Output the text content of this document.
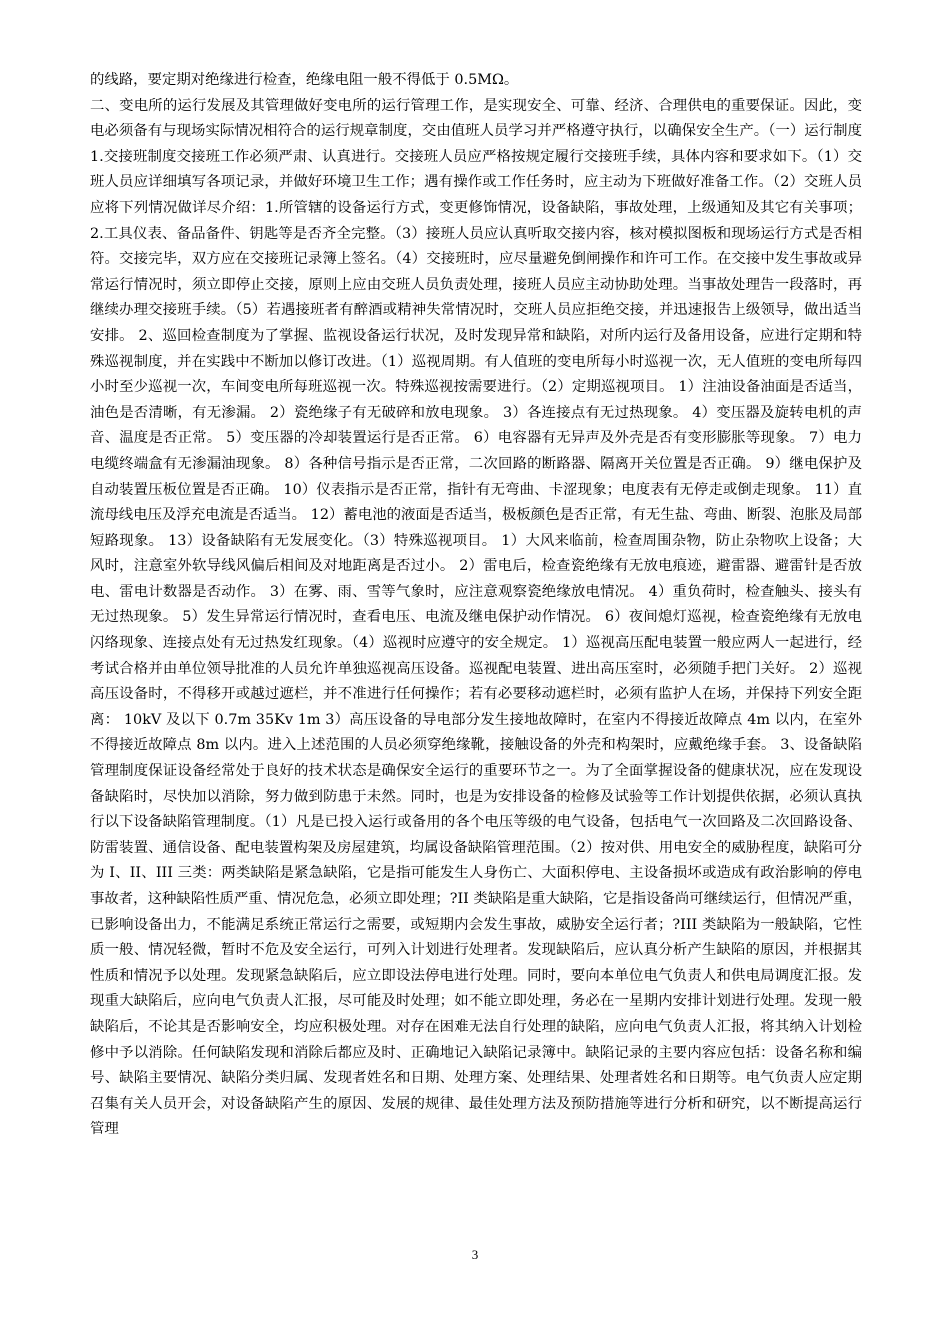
的线路，要定期对绝缘进行检查，绝缘电阻一般不得低于 0.5MΩ。

二、变电所的运行发展及其管理做好变电所的运行管理工作，是实现安全、可靠、经济、合理供电的重要保证。因此，变电必须备有与现场实际情况相符合的运行规章制度，交由值班人员学习并严格遵守执行，以确保安全生产。（一）运行制度 1.交接班制度交接班工作必须严肃、认真进行。交接班人员应严格按规定履行交接班手续，具体内容和要求如下。（1）交班人员应详细填写各项记录，并做好环境卫生工作；遇有操作或工作任务时，应主动为下班做好准备工作。（2）交班人员应将下列情况做详尽介绍：1.所管辖的设备运行方式，变更修饰情况，设备缺陷，事故处理，上级通知及其它有关事项；2.工具仪表、备品备件、钥匙等是否齐全完整。（3）接班人员应认真听取交接内容，核对模拟图板和现场运行方式是否相符。交接完毕，双方应在交接班记录簿上签名。（4）交接班时，应尽量避免倒闸操作和许可工作。在交接中发生事故或异常运行情况时，须立即停止交接，原则上应由交班人员负责处理，接班人员应主动协助处理。当事故处理告一段落时，再继续办理交接班手续。（5）若遇接班者有醉酒或精神失常情况时，交班人员应拒绝交接，并迅速报告上级领导，做出适当安排。 2、巡回检查制度为了掌握、监视设备运行状况，及时发现异常和缺陷，对所内运行及备用设备，应进行定期和特殊巡视制度，并在实践中不断加以修订改进。（1）巡视周期。有人值班的变电所每小时巡视一次，无人值班的变电所每四小时至少巡视一次，车间变电所每班巡视一次。特殊巡视按需要进行。（2）定期巡视项目。 1）注油设备油面是否适当，油色是否清晰，有无渗漏。 2）瓷绝缘子有无破碎和放电现象。 3）各连接点有无过热现象。 4）变压器及旋转电机的声音、温度是否正常。 5）变压器的冷却装置运行是否正常。 6）电容器有无异声及外壳是否有变形膨胀等现象。 7）电力电缆终端盒有无渗漏油现象。 8）各种信号指示是否正常，二次回路的断路器、隔离开关位置是否正确。 9）继电保护及自动装置压板位置是否正确。 10）仪表指示是否正常，指针有无弯曲、卡涩现象；电度表有无停走或倒走现象。 11）直流母线电压及浮充电流是否适当。 12）蓄电池的液面是否适当，极板颜色是否正常，有无生盐、弯曲、断裂、泡胀及局部短路现象。 13）设备缺陷有无发展变化。（3）特殊巡视项目。 1）大风来临前，检查周围杂物，防止杂物吹上设备；大风时，注意室外软导线风偏后相间及对地距离是否过小。 2）雷电后，检查瓷绝缘有无放电痕迹，避雷器、避雷针是否放电、雷电计数器是否动作。 3）在雾、雨、雪等气象时，应注意观察瓷绝缘放电情况。 4）重负荷时，检查触头、接头有无过热现象。 5）发生异常运行情况时，查看电压、电流及继电保护动作情况。 6）夜间熄灯巡视，检查瓷绝缘有无放电闪络现象、连接点处有无过热发红现象。（4）巡视时应遵守的安全规定。 1）巡视高压配电装置一般应两人一起进行，经考试合格并由单位领导批准的人员允许单独巡视高压设备。巡视配电装置、进出高压室时，必须随手把门关好。 2）巡视高压设备时，不得移开或越过遮栏，并不准进行任何操作；若有必要移动遮栏时，必须有监护人在场，并保持下列安全距离： 10kV 及以下 0.7m 35Kv 1m 3）高压设备的导电部分发生接地故障时，在室内不得接近故障点 4m 以内，在室外不得接近故障点 8m 以内。进入上述范围的人员必须穿绝缘靴，接触设备的外壳和构架时，应戴绝缘手套。 3、设备缺陷管理制度保证设备经常处于良好的技术状态是确保安全运行的重要环节之一。为了全面掌握设备的健康状况，应在发现设备缺陷时，尽快加以消除，努力做到防患于未然。同时，也是为安排设备的检修及试验等工作计划提供依据，必须认真执行以下设备缺陷管理制度。（1）凡是已投入运行或备用的各个电压等级的电气设备，包括电气一次回路及二次回路设备、防雷装置、通信设备、配电装置构架及房屋建筑，均属设备缺陷管理范围。（2）按对供、用电安全的威胁程度，缺陷可分为 I、II、III 三类：两类缺陷是紧急缺陷，它是指可能发生人身伤亡、大面积停电、主设备损坏或造成有政治影响的停电事故者，这种缺陷性质严重、情况危急，必须立即处理；?II 类缺陷是重大缺陷，它是指设备尚可继续运行，但情况严重，已影响设备出力，不能满足系统正常运行之需要，或短期内会发生事故，威胁安全运行者；?III 类缺陷为一般缺陷，它性质一般、情况轻微，暂时不危及安全运行，可列入计划进行处理者。发现缺陷后，应认真分析产生缺陷的原因，并根据其性质和情况予以处理。发现紧急缺陷后，应立即设法停电进行处理。同时，要向本单位电气负责人和供电局调度汇报。发现重大缺陷后，应向电气负责人汇报，尽可能及时处理；如不能立即处理，务必在一星期内安排计划进行处理。发现一般缺陷后，不论其是否影响安全，均应积极处理。对存在困难无法自行处理的缺陷，应向电气负责人汇报，将其纳入计划检修中予以消除。任何缺陷发现和消除后都应及时、正确地记入缺陷记录簿中。缺陷记录的主要内容应包括：设备名称和编号、缺陷主要情况、缺陷分类归属、发现者姓名和日期、处理方案、处理结果、处理者姓名和日期等。电气负责人应定期召集有关人员开会，对设备缺陷产生的原因、发展的规律、最佳处理方法及预防措施等进行分析和研究，以不断提高运行管理

3
